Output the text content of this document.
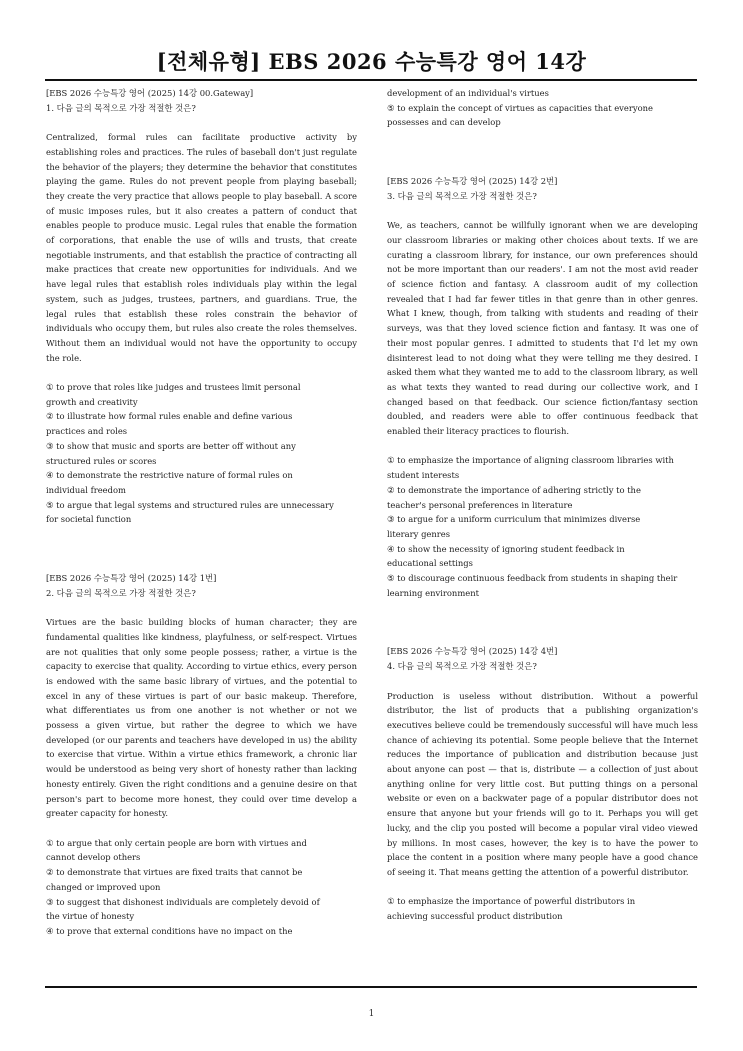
[전체유형] EBS 2026 수능특강 영어 14강

[EBS 2026 수능특강 영어 (2025) 14강 00.Gateway]

1. 다음 글의 목적으로 가장 적절한 것은?

Centralized, formal rules can facilitate productive activity by establishing roles and practices. The rules of baseball don't just regulate the behavior of the players; they determine the behavior that constitutes playing the game. Rules do not prevent people from playing baseball; they create the very practice that allows people to play baseball. A score of music imposes rules, but it also creates a pattern of conduct that enables people to produce music. Legal rules that enable the formation of corporations, that enable the use of wills and trusts, that create negotiable instruments, and that establish the practice of contracting all make practices that create new opportunities for individuals. And we have legal rules that establish roles individuals play within the legal system, such as judges, trustees, partners, and guardians. True, the legal rules that establish these roles constrain the behavior of individuals who occupy them, but rules also create the roles themselves. Without them an individual would not have the opportunity to occupy the role.

① to prove that roles like judges and trustees limit personal
growth and creativity
② to illustrate how formal rules enable and define various
practices and roles
③ to show that music and sports are better off without any
structured rules or scores
④ to demonstrate the restrictive nature of formal rules on
individual freedom
⑤ to argue that legal systems and structured rules are unnecessary
for societal function

[EBS 2026 수능특강 영어 (2025) 14강 1번]

2. 다음 글의 목적으로 가장 적절한 것은?

Virtues are the basic building blocks of human character; they are fundamental qualities like kindness, playfulness, or self-respect. Virtues are not qualities that only some people possess; rather, a virtue is the capacity to exercise that quality. According to virtue ethics, every person is endowed with the same basic library of virtues, and the potential to excel in any of these virtues is part of our basic makeup. Therefore, what differentiates us from one another is not whether or not we possess a given virtue, but rather the degree to which we have developed (or our parents and teachers have developed in us) the ability to exercise that virtue. Within a virtue ethics framework, a chronic liar would be understood as being very short of honesty rather than lacking honesty entirely. Given the right conditions and a genuine desire on that person's part to become more honest, they could over time develop a greater capacity for honesty.

① to argue that only certain people are born with virtues and
cannot develop others
② to demonstrate that virtues are fixed traits that cannot be
changed or improved upon
③ to suggest that dishonest individuals are completely devoid of
the virtue of honesty
④ to prove that external conditions have no impact on the
development of an individual's virtues
⑤ to explain the concept of virtues as capacities that everyone
possesses and can develop

[EBS 2026 수능특강 영어 (2025) 14강 2번]

3. 다음 글의 목적으로 가장 적절한 것은?

We, as teachers, cannot be willfully ignorant when we are developing our classroom libraries or making other choices about texts. If we are curating a classroom library, for instance, our own preferences should not be more important than our readers'. I am not the most avid reader of science fiction and fantasy. A classroom audit of my collection revealed that I had far fewer titles in that genre than in other genres. What I knew, though, from talking with students and reading of their surveys, was that they loved science fiction and fantasy. It was one of their most popular genres. I admitted to students that I'd let my own disinterest lead to not doing what they were telling me they desired. I asked them what they wanted me to add to the classroom library, as well as what texts they wanted to read during our collective work, and I changed based on that feedback. Our science fiction/fantasy section doubled, and readers were able to offer continuous feedback that enabled their literacy practices to flourish.

① to emphasize the importance of aligning classroom libraries with
student interests
② to demonstrate the importance of adhering strictly to the
teacher's personal preferences in literature
③ to argue for a uniform curriculum that minimizes diverse
literary genres
④ to show the necessity of ignoring student feedback in
educational settings
⑤ to discourage continuous feedback from students in shaping their
learning environment

[EBS 2026 수능특강 영어 (2025) 14강 4번]

4. 다음 글의 목적으로 가장 적절한 것은?

Production is useless without distribution. Without a powerful distributor, the list of products that a publishing organization's executives believe could be tremendously successful will have much less chance of achieving its potential. Some people believe that the Internet reduces the importance of publication and distribution because just about anyone can post — that is, distribute — a collection of just about anything online for very little cost. But putting things on a personal website or even on a backwater page of a popular distributor does not ensure that anyone but your friends will go to it. Perhaps you will get lucky, and the clip you posted will become a popular viral video viewed by millions. In most cases, however, the key is to have the power to place the content in a position where many people have a good chance of seeing it. That means getting the attention of a powerful distributor.

① to emphasize the importance of powerful distributors in
achieving successful product distribution
1
